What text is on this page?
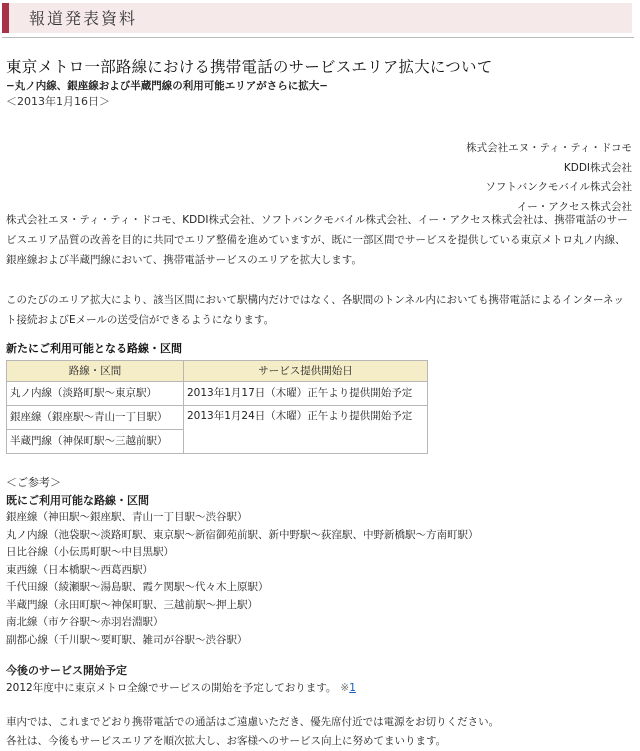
報道発表資料
東京メトロ一部路線における携帯電話のサービスエリア拡大について
−丸ノ内線、銀座線および半蔵門線の利用可能エリアがさらに拡大−
＜2013年1月16日＞
株式会社エヌ・ティ・ティ・ドコモ
KDDI株式会社
ソフトバンクモバイル株式会社
イー・アクセス株式会社
株式会社エヌ・ティ・ティ・ドコモ、KDDI株式会社、ソフトバンクモバイル株式会社、イー・アクセス株式会社は、携帯電話のサービスエリア品質の改善を目的に共同でエリア整備を進めていますが、既に一部区間でサービスを提供している東京メトロ丸ノ内線、銀座線および半蔵門線において、携帯電話サービスのエリアを拡大します。
このたびのエリア拡大により、該当区間において駅構内だけではなく、各駅間のトンネル内においても携帯電話によるインターネット接続およびEメールの送受信ができるようになります。
新たにご利用可能となる路線・区間
路線・区間	サービス提供開始日
丸ノ内線（淡路町駅〜東京駅）	2013年1月17日（木曜）正午より提供開始予定
銀座線（銀座駅〜青山一丁目駅）	2013年1月24日（木曜）正午より提供開始予定
半蔵門線（神保町駅〜三越前駅）	
＜ご参考＞
既にご利用可能な路線・区間
銀座線（神田駅〜銀座駅、青山一丁目駅〜渋谷駅）
丸ノ内線（池袋駅〜淡路町駅、東京駅〜新宿御苑前駅、新中野駅〜荻窪駅、中野新橋駅〜方南町駅）
日比谷線（小伝馬町駅〜中目黒駅）
東西線（日本橋駅〜西葛西駅）
千代田線（綾瀬駅〜湯島駅、霞ケ関駅〜代々木上原駅）
半蔵門線（永田町駅〜神保町駅、三越前駅〜押上駅）
南北線（市ケ谷駅〜赤羽岩淵駅）
副都心線（千川駅〜要町駅、雑司が谷駅〜渋谷駅）
今後のサービス開始予定
2012年度中に東京メトロ全線でサービスの開始を予定しております。 ※1
車内では、これまでどおり携帯電話での通話はご遠慮いただき、優先席付近では電源をお切りください。
各社は、今後もサービスエリアを順次拡大し、お客様へのサービス向上に努めてまいります。
